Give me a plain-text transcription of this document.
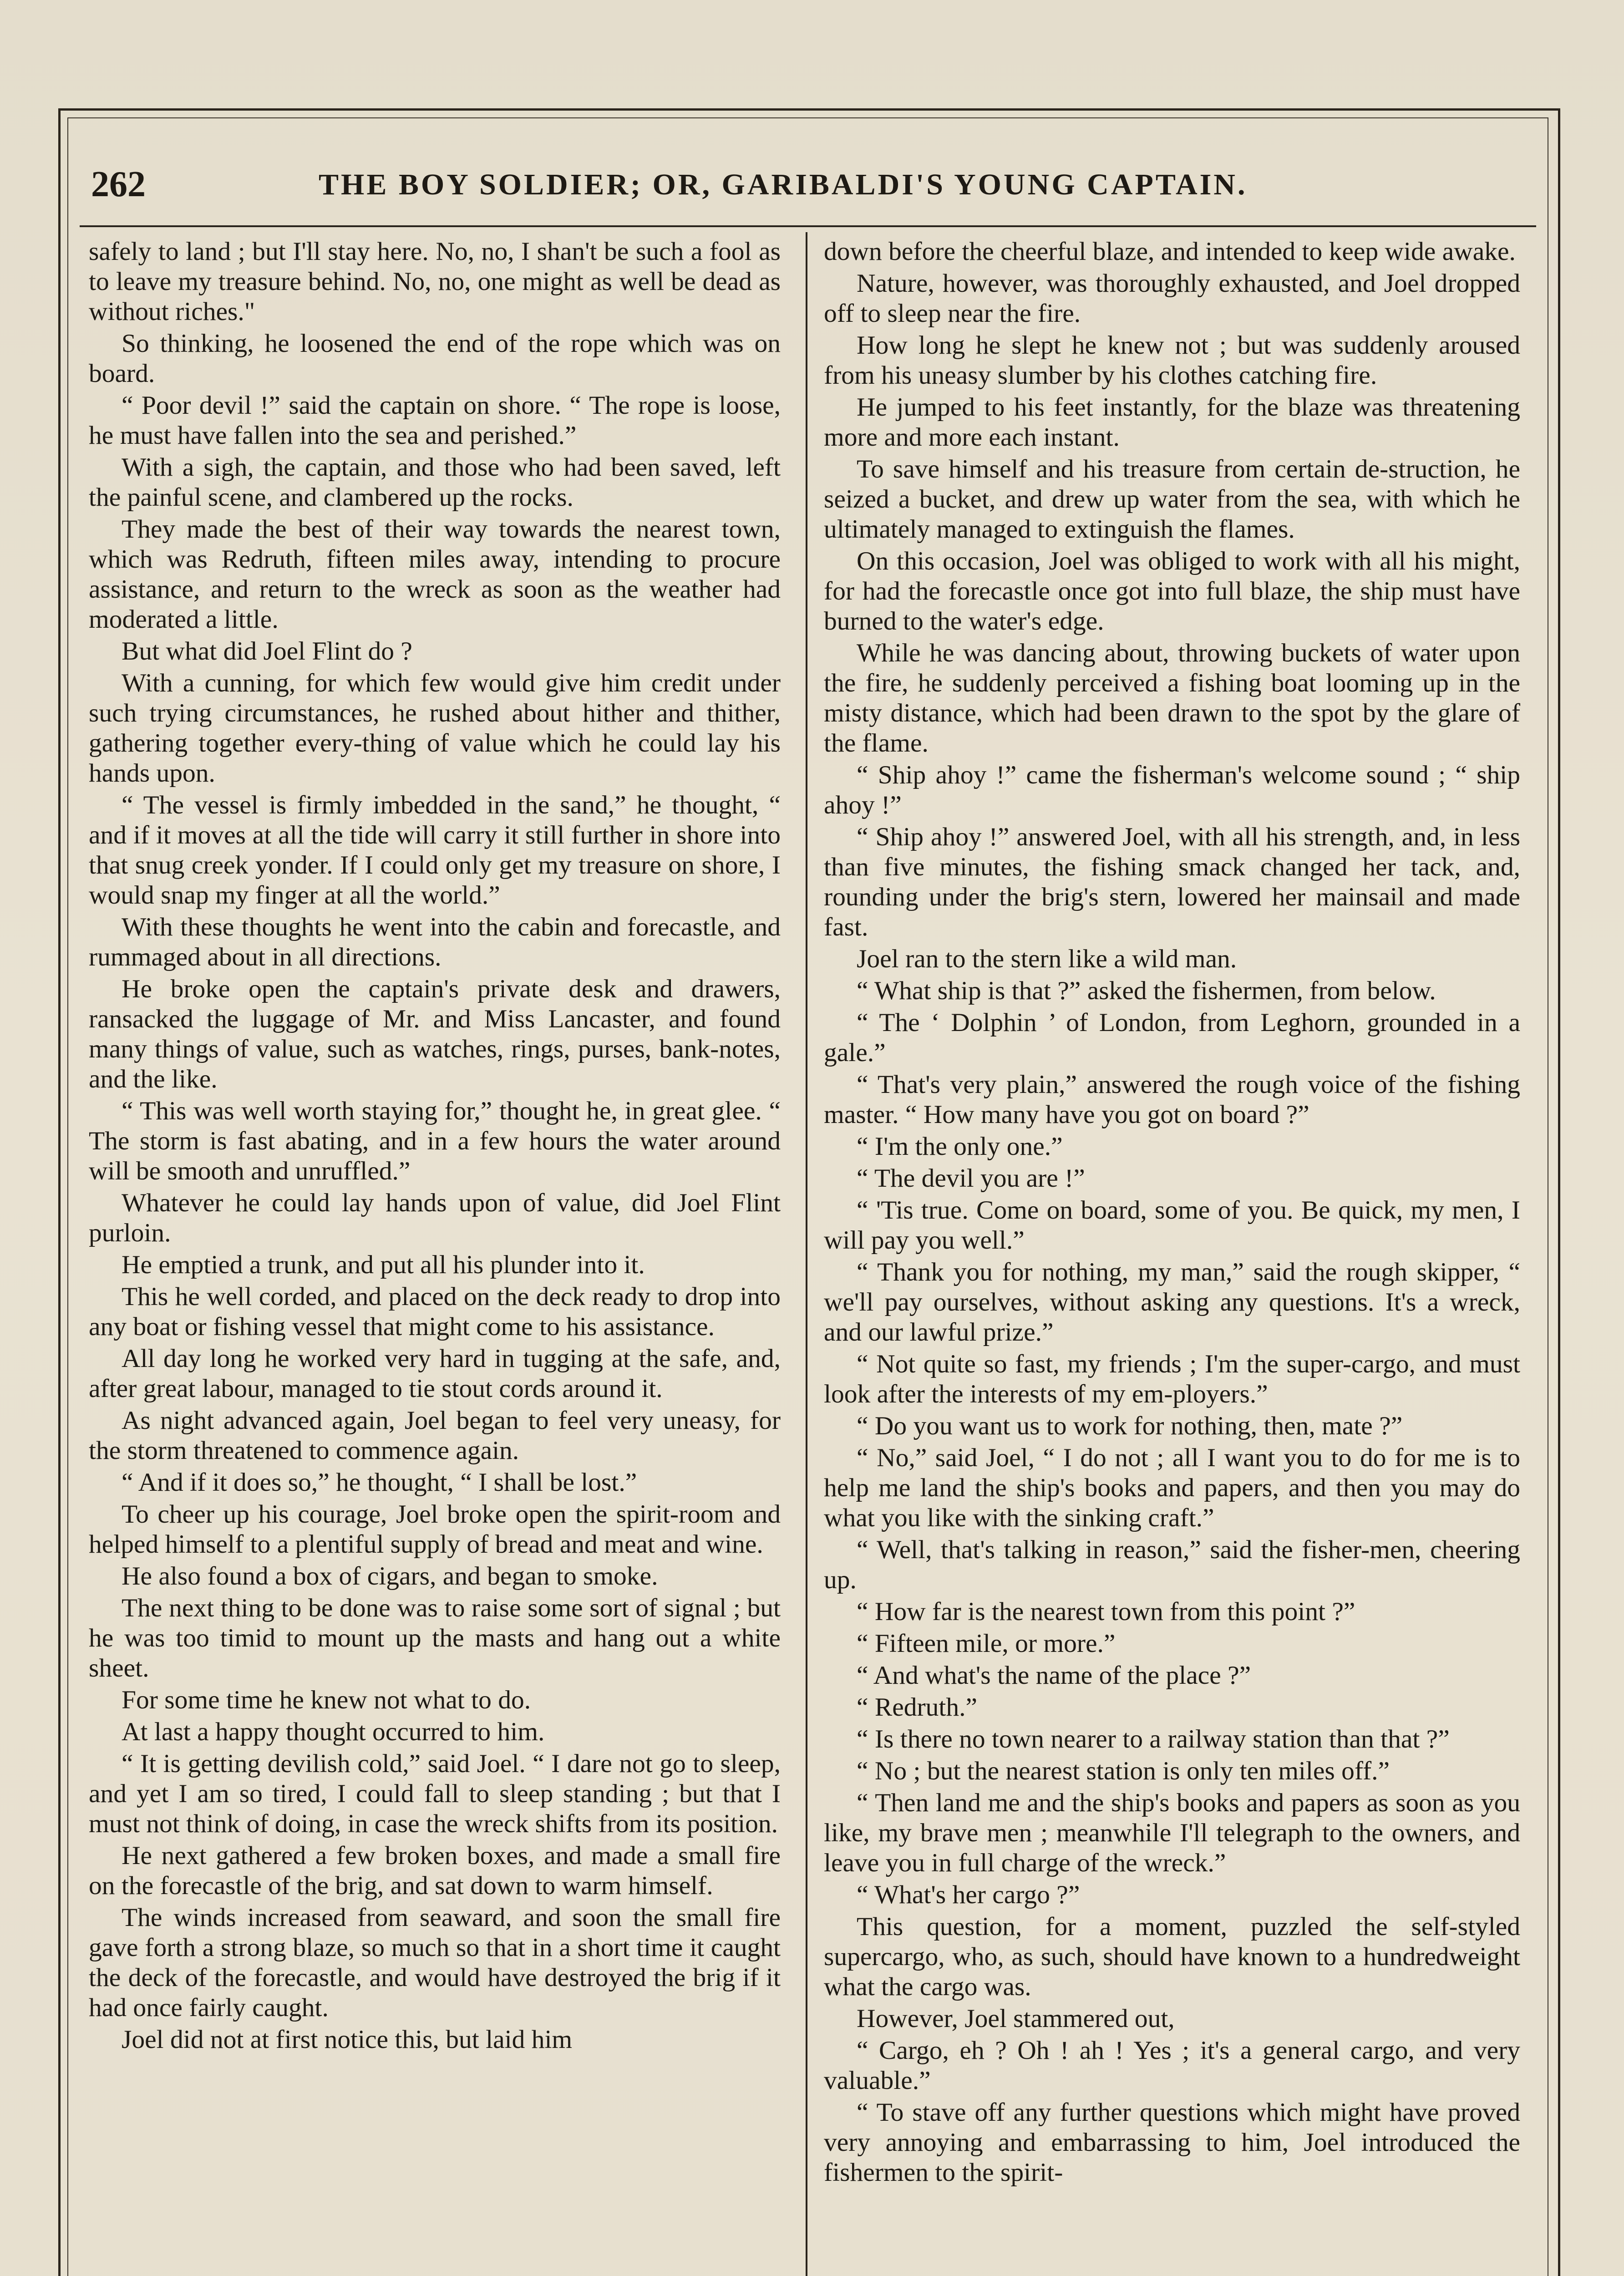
262	THE BOY SOLDIER; OR, GARIBALDI'S YOUNG CAPTAIN.

safely to land ; but I'll stay here. No, no, I shan't be such a fool as to leave my treasure behind. No, no, one might as well be dead as without riches."

So thinking, he loosened the end of the rope which was on board.

“ Poor devil !” said the captain on shore. “ The rope is loose, he must have fallen into the sea and perished.”

With a sigh, the captain, and those who had been saved, left the painful scene, and clambered up the rocks.

They made the best of their way towards the nearest town, which was Redruth, fifteen miles away, intending to procure assistance, and return to the wreck as soon as the weather had moderated a little.

But what did Joel Flint do ?

With a cunning, for which few would give him credit under such trying circumstances, he rushed about hither and thither, gathering together every-thing of value which he could lay his hands upon.

“ The vessel is firmly imbedded in the sand,” he thought, “ and if it moves at all the tide will carry it still further in shore into that snug creek yonder. If I could only get my treasure on shore, I would snap my finger at all the world.”

With these thoughts he went into the cabin and forecastle, and rummaged about in all directions.

He broke open the captain's private desk and drawers, ransacked the luggage of Mr. and Miss Lancaster, and found many things of value, such as watches, rings, purses, bank-notes, and the like.

“ This was well worth staying for,” thought he, in great glee. “ The storm is fast abating, and in a few hours the water around will be smooth and unruffled.”

Whatever he could lay hands upon of value, did Joel Flint purloin.

He emptied a trunk, and put all his plunder into it.

This he well corded, and placed on the deck ready to drop into any boat or fishing vessel that might come to his assistance.

All day long he worked very hard in tugging at the safe, and, after great labour, managed to tie stout cords around it.

As night advanced again, Joel began to feel very uneasy, for the storm threatened to commence again.

“ And if it does so,” he thought, “ I shall be lost.”

To cheer up his courage, Joel broke open the spirit-room and helped himself to a plentiful supply of bread and meat and wine.

He also found a box of cigars, and began to smoke.

The next thing to be done was to raise some sort of signal ; but he was too timid to mount up the masts and hang out a white sheet.

For some time he knew not what to do.

At last a happy thought occurred to him.

“ It is getting devilish cold,” said Joel. “ I dare not go to sleep, and yet I am so tired, I could fall to sleep standing ; but that I must not think of doing, in case the wreck shifts from its position.

He next gathered a few broken boxes, and made a small fire on the forecastle of the brig, and sat down to warm himself.

The winds increased from seaward, and soon the small fire gave forth a strong blaze, so much so that in a short time it caught the deck of the forecastle, and would have destroyed the brig if it had once fairly caught.

Joel did not at first notice this, but laid him

down before the cheerful blaze, and intended to keep wide awake.

Nature, however, was thoroughly exhausted, and Joel dropped off to sleep near the fire.

How long he slept he knew not ; but was suddenly aroused from his uneasy slumber by his clothes catching fire.

He jumped to his feet instantly, for the blaze was threatening more and more each instant.

To save himself and his treasure from certain de-struction, he seized a bucket, and drew up water from the sea, with which he ultimately managed to extinguish the flames.

On this occasion, Joel was obliged to work with all his might, for had the forecastle once got into full blaze, the ship must have burned to the water's edge.

While he was dancing about, throwing buckets of water upon the fire, he suddenly perceived a fishing boat looming up in the misty distance, which had been drawn to the spot by the glare of the flame.

“ Ship ahoy !” came the fisherman's welcome sound ; “ ship ahoy !”

“ Ship ahoy !” answered Joel, with all his strength, and, in less than five minutes, the fishing smack changed her tack, and, rounding under the brig's stern, lowered her mainsail and made fast.

Joel ran to the stern like a wild man.

“ What ship is that ?” asked the fishermen, from below.

“ The ‘ Dolphin ’ of London, from Leghorn, grounded in a gale.”

“ That's very plain,” answered the rough voice of the fishing master. “ How many have you got on board ?”

“ I'm the only one.”

“ The devil you are !”

“ 'Tis true. Come on board, some of you. Be quick, my men, I will pay you well.”

“ Thank you for nothing, my man,” said the rough skipper, “ we'll pay ourselves, without asking any questions. It's a wreck, and our lawful prize.”

“ Not quite so fast, my friends ; I'm the super-cargo, and must look after the interests of my em-ployers.”

“ Do you want us to work for nothing, then, mate ?”

“ No,” said Joel, “ I do not ; all I want you to do for me is to help me land the ship's books and papers, and then you may do what you like with the sinking craft.”

“ Well, that's talking in reason,” said the fisher-men, cheering up.

“ How far is the nearest town from this point ?”

“ Fifteen mile, or more.”

“ And what's the name of the place ?”

“ Redruth.”

“ Is there no town nearer to a railway station than that ?”

“ No ; but the nearest station is only ten miles off.”

“ Then land me and the ship's books and papers as soon as you like, my brave men ; meanwhile I'll telegraph to the owners, and leave you in full charge of the wreck.”

“ What's her cargo ?”

This question, for a moment, puzzled the self-styled supercargo, who, as such, should have known to a hundredweight what the cargo was.

However, Joel stammered out,

“ Cargo, eh ? Oh ! ah ! Yes ; it's a general cargo, and very valuable.”

“ To stave off any further questions which might have proved very annoying and embarrassing to him, Joel introduced the fishermen to the spirit-
